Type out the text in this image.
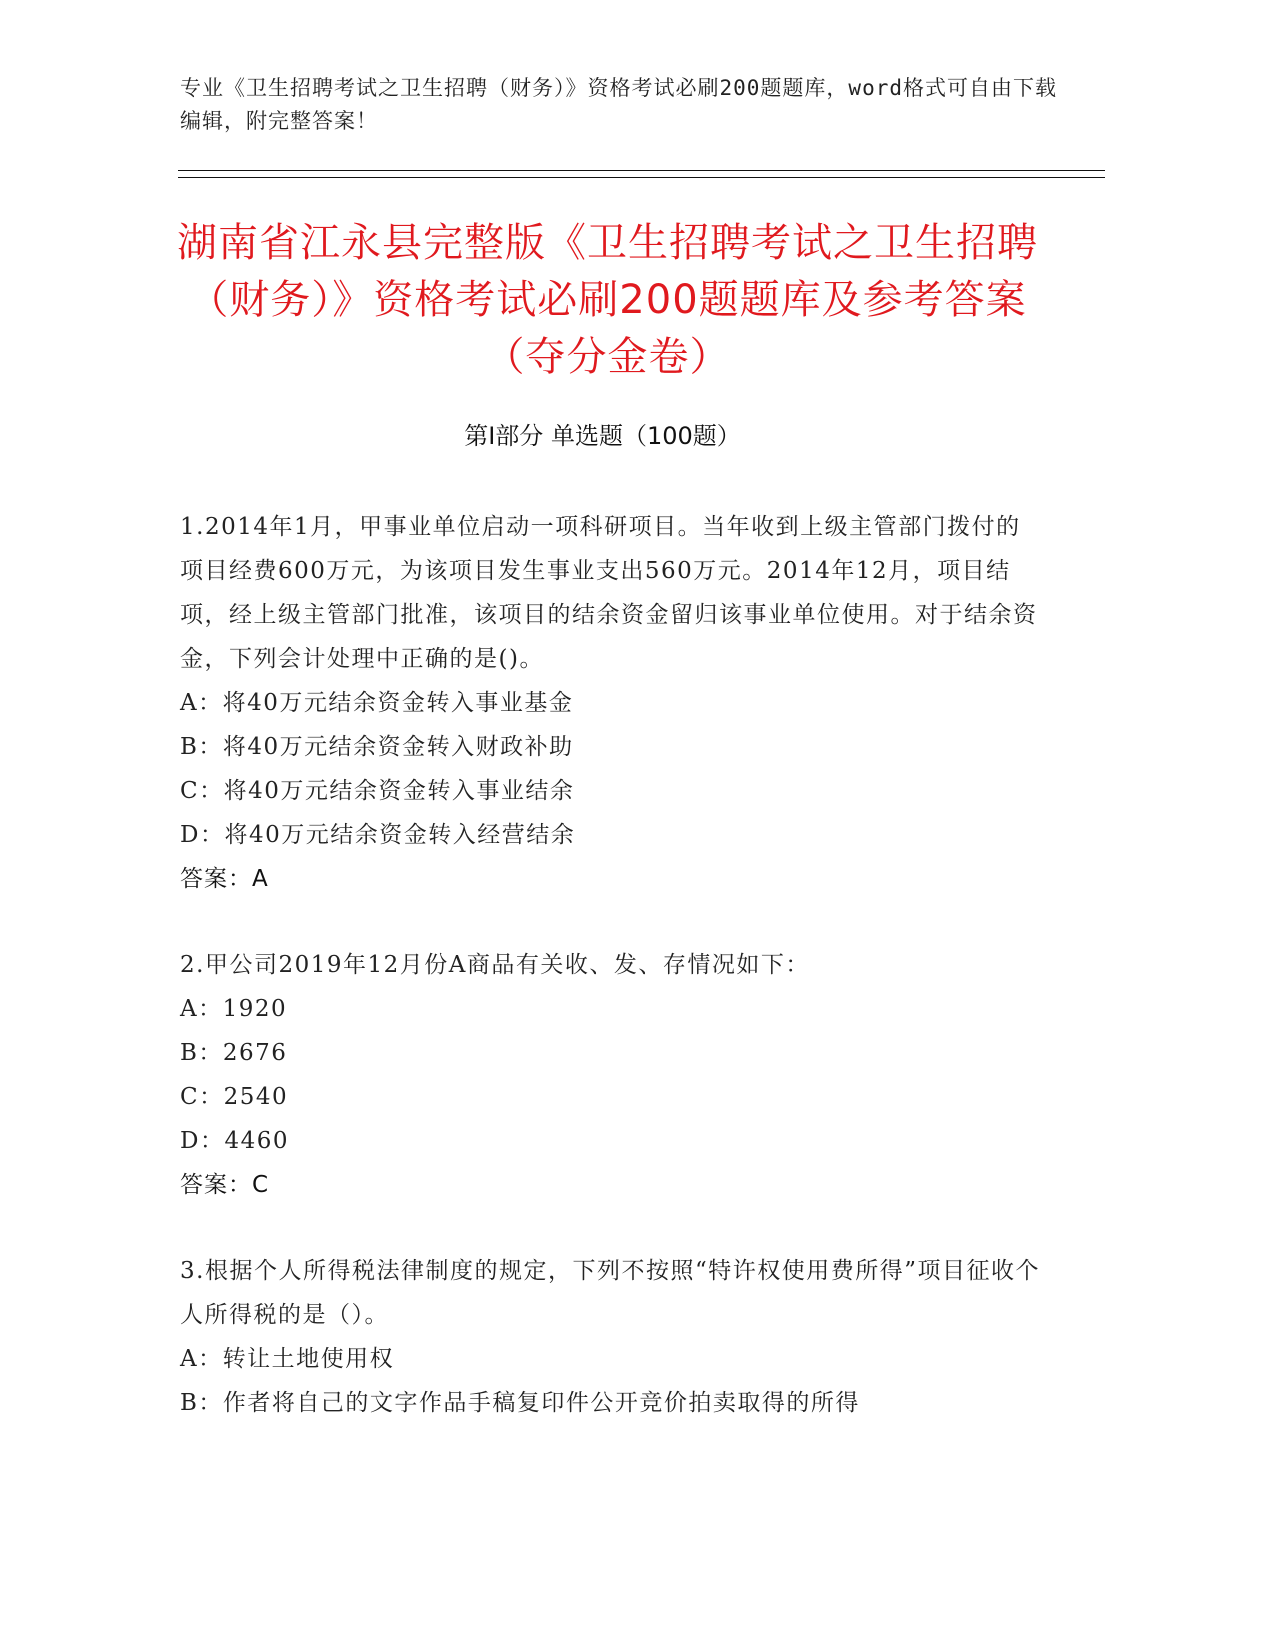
专业《卫生招聘考试之卫生招聘（财务）》资格考试必刷200题题库，word格式可自由下载编辑，附完整答案！
湖南省江永县完整版《卫生招聘考试之卫生招聘（财务）》资格考试必刷200题题库及参考答案（夺分金卷）
第Ⅰ部分 单选题（100题）

1.2014年1月，甲事业单位启动一项科研项目。当年收到上级主管部门拨付的项目经费600万元，为该项目发生事业支出560万元。2014年12月，项目结项，经上级主管部门批准，该项目的结余资金留归该事业单位使用。对于结余资金，下列会计处理中正确的是()。

A：将40万元结余资金转入事业基金

B：将40万元结余资金转入财政补助

C：将40万元结余资金转入事业结余

D：将40万元结余资金转入经营结余

答案：A

2.甲公司2019年12月份A商品有关收、发、存情况如下：

A：1920

B：2676

C：2540

D：4460

答案：C

3.根据个人所得税法律制度的规定，下列不按照“特许权使用费所得”项目征收个人所得税的是（）。

A：转让土地使用权

B：作者将自己的文字作品手稿复印件公开竞价拍卖取得的所得
